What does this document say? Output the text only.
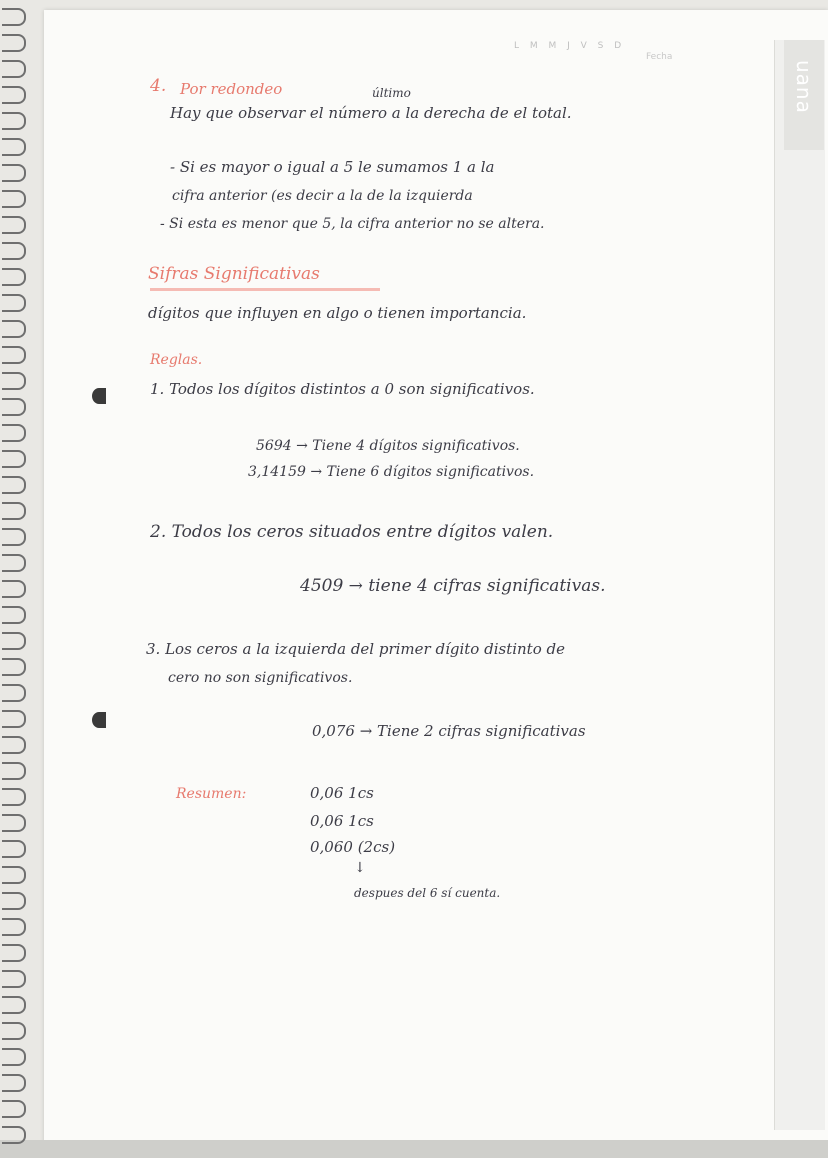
uana
L M M J V S D
Fecha
4. Por redondeo	último
Hay que observar el número a la derecha de el total.
- Si es mayor o igual a 5 le sumamos 1 a la
cifra anterior (es decir a la de la izquierda
- Si esta es menor que 5, la cifra anterior no se altera.
Sifras Significativas
dígitos que influyen en algo o tienen importancia.
Reglas.
1. Todos los dígitos distintos a 0 son significativos.
5694 → Tiene 4 dígitos significativos.
3,14159 → Tiene 6 dígitos significativos.
2. Todos los ceros situados entre dígitos valen.
4509 → tiene 4 cifras significativas.
3. Los ceros a la izquierda del primer dígito distinto de
cero no son significativos.
0,076 → Tiene 2 cifras significativas
Resumen:	0,06 1cs
0,06 1cs
0,060 (2cs)
↓
despues del 6 sí cuenta.
